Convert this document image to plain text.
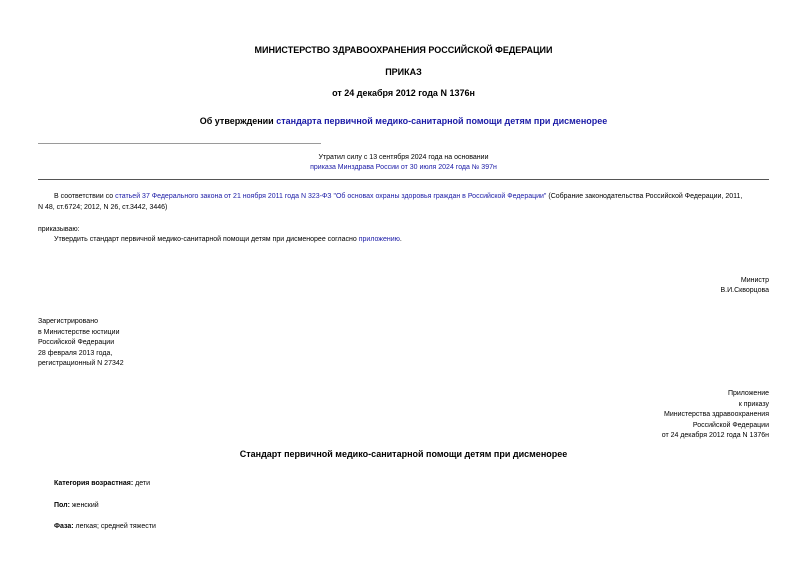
МИНИСТЕРСТВО ЗДРАВООХРАНЕНИЯ РОССИЙСКОЙ ФЕДЕРАЦИИ
ПРИКАЗ
от 24 декабря 2012 года N 1376н
Об утверждении стандарта первичной медико-санитарной помощи детям при дисменорее
Утратил силу с 13 сентября 2024 года на основании
приказа Минздрава России от 30 июля 2024 года № 397н
В соответствии со статьей 37 Федерального закона от 21 ноября 2011 года N 323-ФЗ "Об основах охраны здоровья граждан в Российской Федерации" (Собрание законодательства Российской Федерации, 2011,
N 48, ст.6724; 2012, N 26, ст.3442, 3446)
приказываю:
Утвердить стандарт первичной медико-санитарной помощи детям при дисменорее согласно приложению.
Министр
В.И.Скворцова
Зарегистрировано
в Министерстве юстиции
Российской Федерации
28 февраля 2013 года,
регистрационный N 27342
Приложение
к приказу
Министерства здравоохранения
Российской Федерации
от 24 декабря 2012 года N 1376н
Стандарт первичной медико-санитарной помощи детям при дисменорее
Категория возрастная: дети
Пол: женский
Фаза: легкая; средней тяжести
